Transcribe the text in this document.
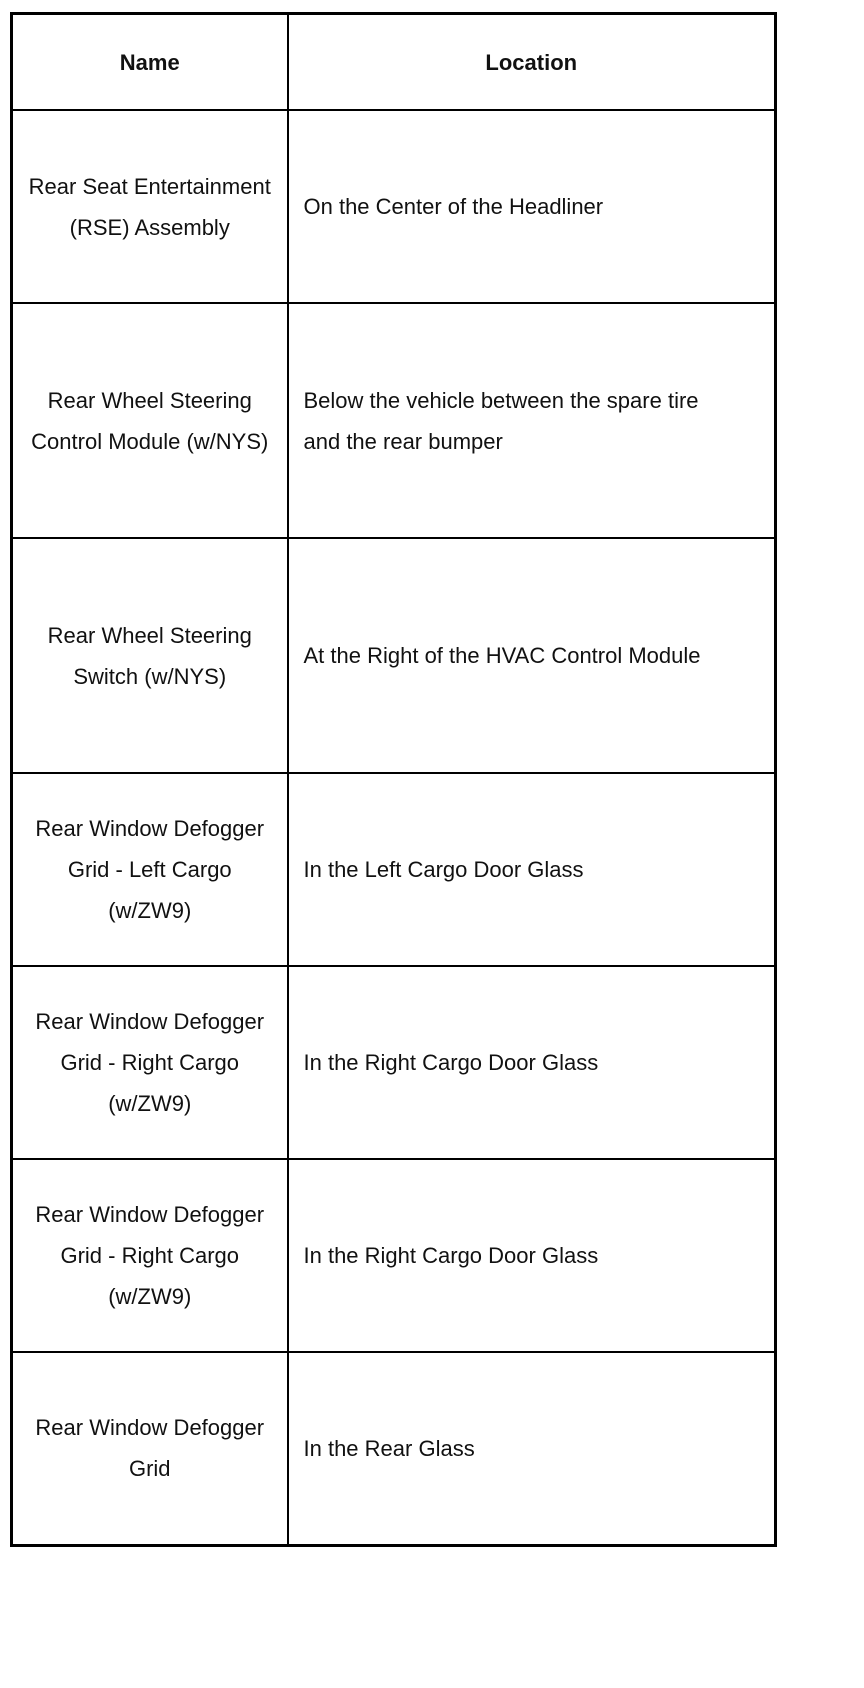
Name	Location
Rear Seat Entertainment (RSE) Assembly	On the Center of the Headliner
Rear Wheel Steering Control Module (w/NYS)	Below the vehicle between the spare tire and the rear bumper
Rear Wheel Steering Switch (w/NYS)	At the Right of the HVAC Control Module
Rear Window Defogger Grid - Left Cargo (w/ZW9)	In the Left Cargo Door Glass
Rear Window Defogger Grid - Right Cargo (w/ZW9)	In the Right Cargo Door Glass
Rear Window Defogger Grid - Right Cargo (w/ZW9)	In the Right Cargo Door Glass
Rear Window Defogger Grid	In the Rear Glass
